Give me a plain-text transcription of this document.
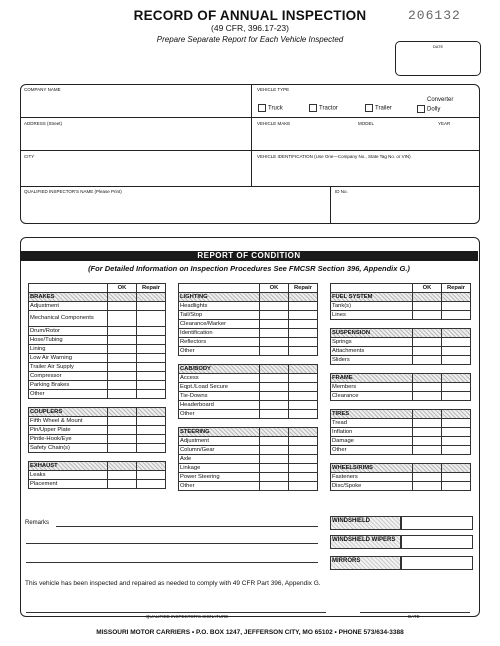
RECORD OF ANNUAL INSPECTION
(49 CFR, 396.17-23)
Prepare Separate Report for Each Vehicle Inspected
206132
DATE
COMPANY NAME	VEHICLE TYPE
Truck	Tractor	Trailer
Converter
Dolly
ADDRESS (Street)	VEHICLE MAKE	MODEL	YEAR
CITY	VEHICLE IDENTIFICATION (Use One—Company No., State Tag No. or VIN)
QUALIFIED INSPECTOR'S NAME (Please Print)	ID No.
REPORT OF CONDITION
(For Detailed Information on Inspection Procedures See FMCSR Section 396, Appendix G.)
	OK	Repair
BRAKES		
Adjustment		
Mechanical Components		
Drum/Rotor		
Hose/Tubing		
Lining		
Low Air Warning		
Trailer Air Supply		
Compressor		
Parking Brakes		
Other		

COUPLERS		
Fifth Wheel & Mount		
Pin/Upper Plate		
Pintle-Hook/Eye		
Safety Chain(s)		

EXHAUST		
Leaks		
Placement		
	OK	Repair
LIGHTING		
Headlights		
Tail/Stop		
Clearance/Marker		
Identification		
Reflectors		
Other		

CAB/BODY		
Access		
Eqpt./Load Secure		
Tie-Downs		
Headerboard		
Other		

STEERING		
Adjustment		
Column/Gear		
Axle		
Linkage		
Power Steering		
Other		
	OK	Repair
FUEL SYSTEM		
Tank(s)		
Lines		

SUSPENSION		
Springs		
Attachments		
Sliders		

FRAME		
Members		
Clearance		

TIRES		
Tread		
Inflation		
Damage		
Other		

WHEELS/RIMS		
Fasteners		
Disc/Spoke		
WINDSHIELD
WINDSHIELD WIPERS
MIRRORS
Remarks
This vehicle has been inspected and repaired as needed to comply with 49 CFR Part 396, Appendix G.
QUALIFIED INSPECTOR'S SIGNATURE	DATE
MISSOURI MOTOR CARRIERS • P.O. BOX 1247, JEFFERSON CITY, MO 65102 • PHONE 573/634-3388
